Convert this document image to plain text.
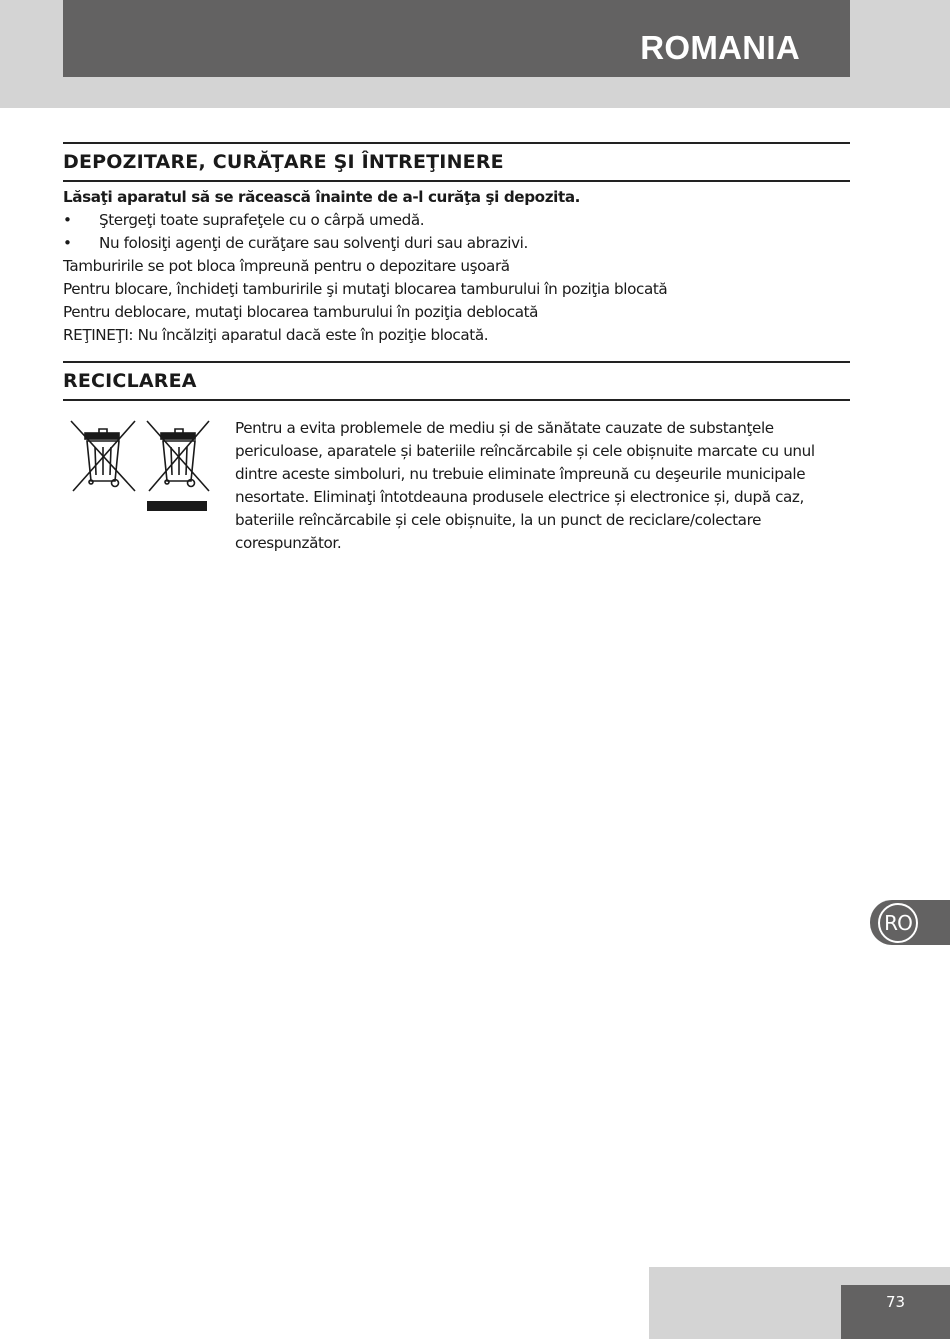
ROMANIA
DEPOZITARE, CURĂŢARE ŞI ÎNTREŢINERE
Lăsaţi aparatul să se răcească înainte de a-l curăţa şi depozita.
•	Ştergeţi toate suprafeţele cu o cârpă umedă.
•	Nu folosiţi agenţi de curăţare sau solvenţi duri sau abrazivi.
Tamburirile se pot bloca împreună pentru o depozitare uşoară
Pentru blocare, închideţi tamburirile şi mutaţi blocarea tamburului în poziţia blocată
Pentru deblocare, mutaţi blocarea tamburului în poziţia deblocată
REŢINEŢI: Nu încălziţi aparatul dacă este în poziţie blocată.
RECICLAREA
Pentru a evita problemele de mediu și de sănătate cauzate de substanţele
periculoase, aparatele și bateriile reîncărcabile și cele obișnuite marcate cu unul
dintre aceste simboluri, nu trebuie eliminate împreună cu deşeurile municipale
nesortate. Eliminaţi întotdeauna produsele electrice și electronice și, după caz,
bateriile reîncărcabile și cele obișnuite, la un punct de reciclare/colectare
corespunzător.
RO
73
